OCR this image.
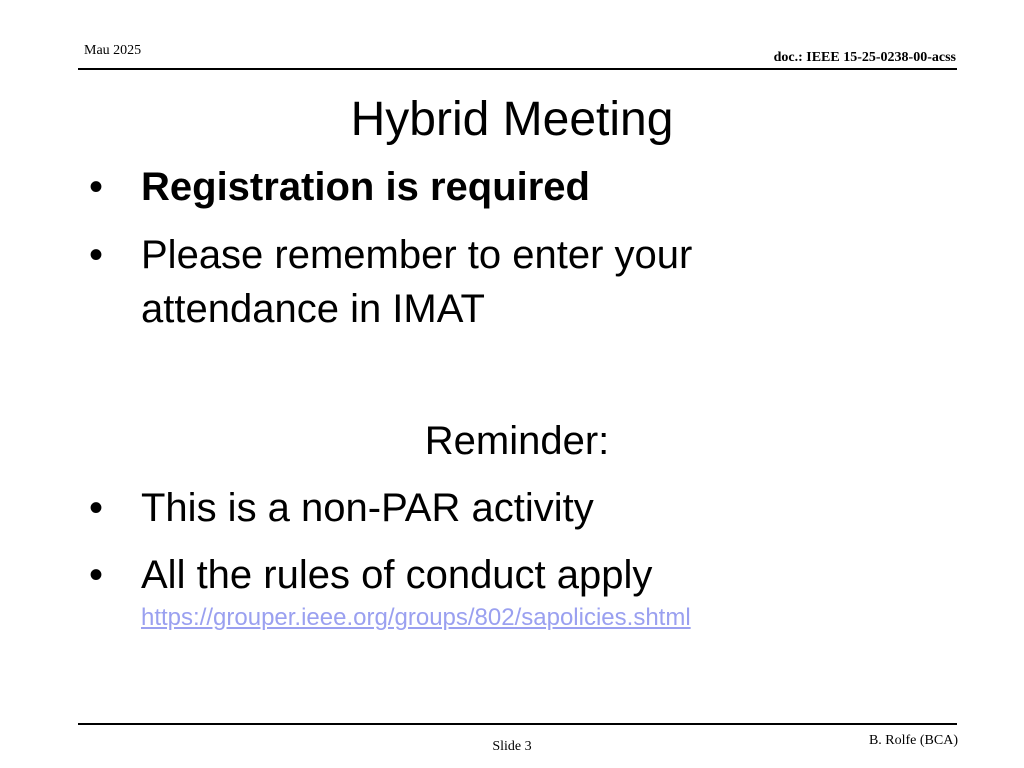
Mau 2025	doc.: IEEE 15-25-0238-00-acss
Hybrid Meeting
• Registration is required
• Please remember to enter your
attendance in IMAT
Reminder:
• This is a non-PAR activity
• All the rules of conduct apply
https://grouper.ieee.org/groups/802/sapolicies.shtml
Slide 3	B. Rolfe (BCA)
